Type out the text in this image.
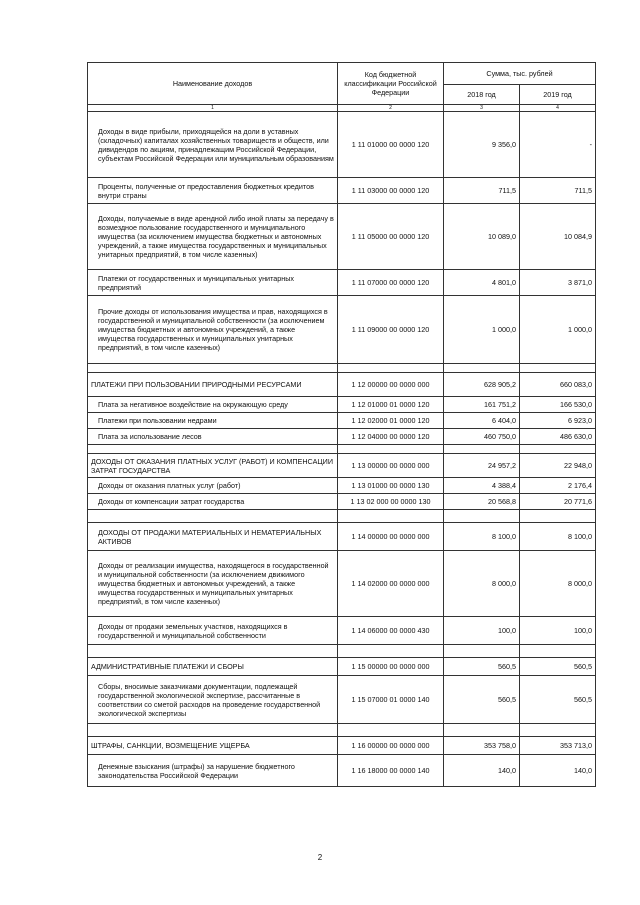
Наименование доходов	Код бюджетной классификации Российской Федерации	Сумма, тыс. рублей	
		2018 год	2019 год
1	2	3	4
Доходы в виде прибыли, приходящейся на доли в уставных (складочных) капиталах хозяйственных товариществ и обществ, или дивидендов по акциям, принадлежащим Российской Федерации, субъектам Российской Федерации или муниципальным образованиям	1 11 01000 00 0000 120	9 356,0	-
Проценты, полученные от предоставления бюджетных кредитов внутри страны	1 11 03000 00 0000 120	711,5	711,5
Доходы, получаемые в виде арендной либо иной платы за передачу в возмездное пользование государственного и муниципального имущества (за исключением имущества бюджетных и автономных учреждений, а также имущества государственных и муниципальных унитарных предприятий, в том числе казенных)	1 11 05000 00 0000 120	10 089,0	10 084,9
Платежи от государственных и муниципальных унитарных предприятий	1 11 07000 00 0000 120	4 801,0	3 871,0
Прочие доходы от использования имущества и прав, находящихся в государственной и муниципальной собственности (за исключением имущества бюджетных и автономных учреждений, а также имущества государственных и муниципальных унитарных предприятий, в том числе казенных)	1 11 09000 00 0000 120	1 000,0	1 000,0

ПЛАТЕЖИ ПРИ ПОЛЬЗОВАНИИ ПРИРОДНЫМИ РЕСУРСАМИ	1 12 00000 00 0000 000	628 905,2	660 083,0
Плата за негативное воздействие на окружающую среду	1 12 01000 01 0000 120	161 751,2	166 530,0
Платежи при пользовании недрами	1 12 02000 01 0000 120	6 404,0	6 923,0
Плата за использование лесов	1 12 04000 00 0000 120	460 750,0	486 630,0

ДОХОДЫ ОТ ОКАЗАНИЯ ПЛАТНЫХ УСЛУГ (РАБОТ) И КОМПЕНСАЦИИ ЗАТРАТ ГОСУДАРСТВА	1 13 00000 00 0000 000	24 957,2	22 948,0
Доходы от оказания платных услуг (работ)	1 13 01000 00 0000 130	4 388,4	2 176,4
Доходы от компенсации затрат государства	1 13 02 000 00 0000 130	20 568,8	20 771,6

ДОХОДЫ ОТ ПРОДАЖИ МАТЕРИАЛЬНЫХ И НЕМАТЕРИАЛЬНЫХ АКТИВОВ	1 14 00000 00 0000 000	8 100,0	8 100,0
Доходы от реализации имущества, находящегося в государственной и муниципальной собственности (за исключением движимого имущества бюджетных и автономных учреждений, а также имущества государственных и муниципальных унитарных предприятий, в том числе казенных)	1 14 02000 00 0000 000	8 000,0	8 000,0
Доходы от продажи земельных участков, находящихся в государственной и муниципальной собственности	1 14 06000 00 0000 430	100,0	100,0

АДМИНИСТРАТИВНЫЕ ПЛАТЕЖИ И СБОРЫ	1 15 00000 00 0000 000	560,5	560,5
Сборы, вносимые заказчиками документации, подлежащей государственной экологической экспертизе, рассчитанные в соответствии со сметой расходов на проведение государственной экологической экспертизы	1 15 07000 01 0000 140	560,5	560,5

ШТРАФЫ, САНКЦИИ, ВОЗМЕЩЕНИЕ УЩЕРБА	1 16 00000 00 0000 000	353 758,0	353 713,0
Денежные взыскания (штрафы) за нарушение бюджетного законодательства Российской Федерации	1 16 18000 00 0000 140	140,0	140,0
2
